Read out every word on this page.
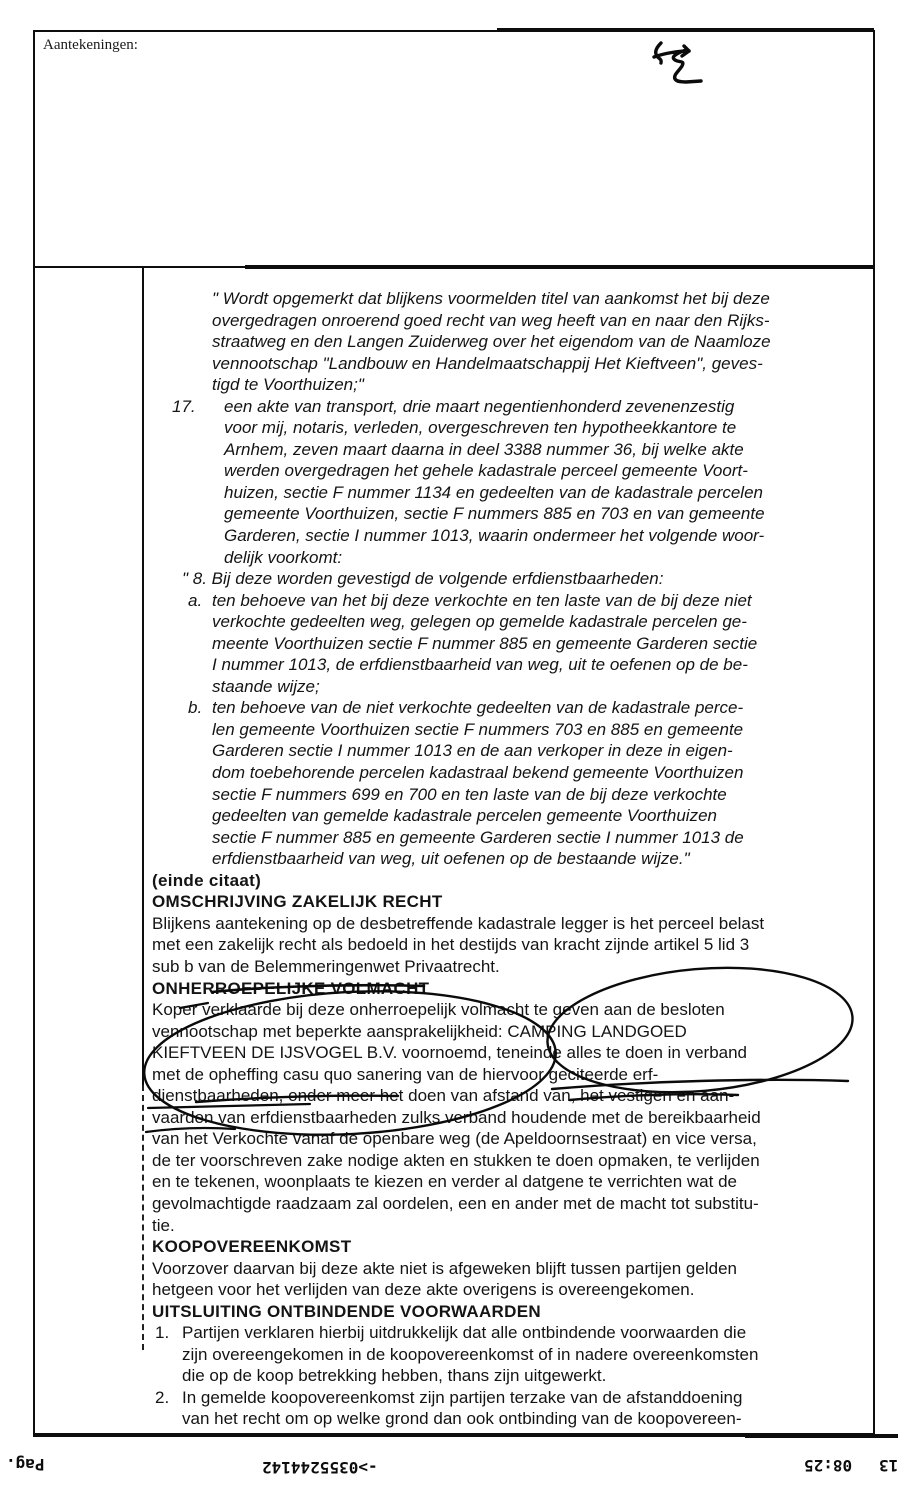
Aantekeningen:
" Wordt opgemerkt dat blijkens voormelden titel van aankomst het bij deze
overgedragen onroerend goed recht van weg heeft van en naar den Rijks-
straatweg en den Langen Zuiderweg over het eigendom van de Naamloze
vennootschap "Landbouw en Handelmaatschappij Het Kieftveen", geves-
tigd te Voorthuizen;"
17. een akte van transport, drie maart negentienhonderd zevenenzestig
voor mij, notaris, verleden, overgeschreven ten hypotheekkantore te
Arnhem, zeven maart daarna in deel 3388 nummer 36, bij welke akte
werden overgedragen het gehele kadastrale perceel gemeente Voort-
huizen, sectie F nummer 1134 en gedeelten van de kadastrale percelen
gemeente Voorthuizen, sectie F nummers 885 en 703 en van gemeente
Garderen, sectie I nummer 1013, waarin ondermeer het volgende woor-
delijk voorkomt:
" 8. Bij deze worden gevestigd de volgende erfdienstbaarheden:
a. ten behoeve van het bij deze verkochte en ten laste van de bij deze niet
verkochte gedeelten weg, gelegen op gemelde kadastrale percelen ge-
meente Voorthuizen sectie F nummer 885 en gemeente Garderen sectie
I nummer 1013, de erfdienstbaarheid van weg, uit te oefenen op de be-
staande wijze;
b. ten behoeve van de niet verkochte gedeelten van de kadastrale perce-
len gemeente Voorthuizen sectie F nummers 703 en 885 en gemeente
Garderen sectie I nummer 1013 en de aan verkoper in deze in eigen-
dom toebehorende percelen kadastraal bekend gemeente Voorthuizen
sectie F nummers 699 en 700 en ten laste van de bij deze verkochte
gedeelten van gemelde kadastrale percelen gemeente Voorthuizen
sectie F nummer 885 en gemeente Garderen sectie I nummer 1013 de
erfdienstbaarheid van weg, uit oefenen op de bestaande wijze."
(einde citaat)
OMSCHRIJVING ZAKELIJK RECHT
Blijkens aantekening op de desbetreffende kadastrale legger is het perceel belast
met een zakelijk recht als bedoeld in het destijds van kracht zijnde artikel 5 lid 3
sub b van de Belemmeringenwet Privaatrecht.
ONHERROEPELIJKE VOLMACHT
Koper verklaarde bij deze onherroepelijk volmacht te geven aan de besloten
vennootschap met beperkte aansprakelijkheid: CAMPING LANDGOED
KIEFTVEEN DE IJSVOGEL B.V. voornoemd, teneinde alles te doen in verband
met de opheffing casu quo sanering van de hiervoor geciteerde erf-
dienstbaarheden, onder meer het doen van afstand van, het vestigen en aan-
vaarden van erfdienstbaarheden zulks verband houdende met de bereikbaarheid
van het Verkochte vanaf de openbare weg (de Apeldoornsestraat) en vice versa,
de ter voorschreven zake nodige akten en stukken te doen opmaken, te verlijden
en te tekenen, woonplaats te kiezen en verder al datgene te verrichten wat de
gevolmachtigde raadzaam zal oordelen, een en ander met de macht tot substitu-
tie.
KOOPOVEREENKOMST
Voorzover daarvan bij deze akte niet is afgeweken blijft tussen partijen gelden
hetgeen voor het verlijden van deze akte overigens is overeengekomen.
UITSLUITING ONTBINDENDE VOORWAARDEN
1. Partijen verklaren hierbij uitdrukkelijk dat alle ontbindende voorwaarden die
zijn overeengekomen in de koopovereenkomst of in nadere overeenkomsten
die op de koop betrekking hebben, thans zijn uitgewerkt.
2. In gemelde koopovereenkomst zijn partijen terzake van de afstanddoening
van het recht om op welke grond dan ook ontbinding van de koopovereen-
Pag.	->0355244142	08:25 13
